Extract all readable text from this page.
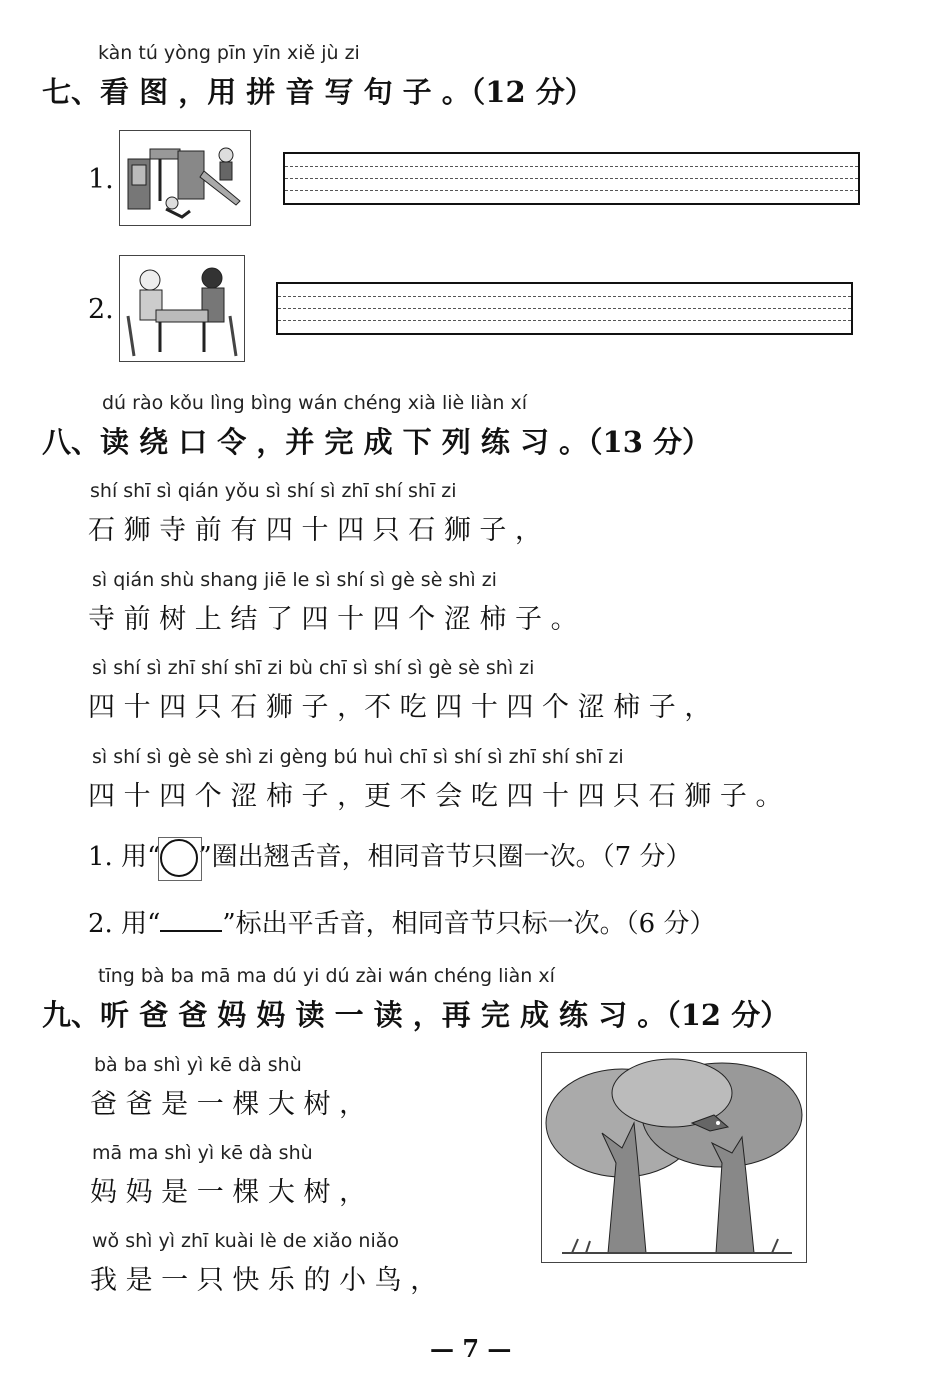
kàn tú yòng pīn yīn xiě jù zi
七、看 图 ，用 拼 音 写 句 子 。（12 分）
1.
2.
dú rào kǒu lìng bìng wán chéng xià liè liàn xí
八、读 绕 口 令 ，并 完 成 下 列 练 习 。（13 分）
shí shī sì qián yǒu sì shí sì zhī shí shī zi
石 狮 寺 前 有 四 十 四 只 石 狮 子 ，
sì qián shù shang jiē le sì shí sì gè sè shì zi
寺 前 树 上 结 了 四 十 四 个 涩 柿 子 。
sì shí sì zhī shí shī zi bù chī sì shí sì gè sè shì zi
四 十 四 只 石 狮 子 ，不 吃 四 十 四 个 涩 柿 子 ，
sì shí sì gè sè shì zi gèng bú huì chī sì shí sì zhī shí shī zi
四 十 四 个 涩 柿 子 ，更 不 会 吃 四 十 四 只 石 狮 子 。
1. 用“ ”圈出翘舌音，相同音节只圈一次。（7 分）
2. 用“ ”标出平舌音，相同音节只标一次。（6 分）
tīng bà ba mā ma dú yi dú zài wán chéng liàn xí
九、听 爸 爸 妈 妈 读 一 读 ，再 完 成 练 习 。（12 分）
bà ba shì yì kē dà shù
爸 爸 是 一 棵 大 树 ，
mā ma shì yì kē dà shù
妈 妈 是 一 棵 大 树 ，
wǒ shì yì zhī kuài lè de xiǎo niǎo
我 是 一 只 快 乐 的 小 鸟 ，
— 7 —
